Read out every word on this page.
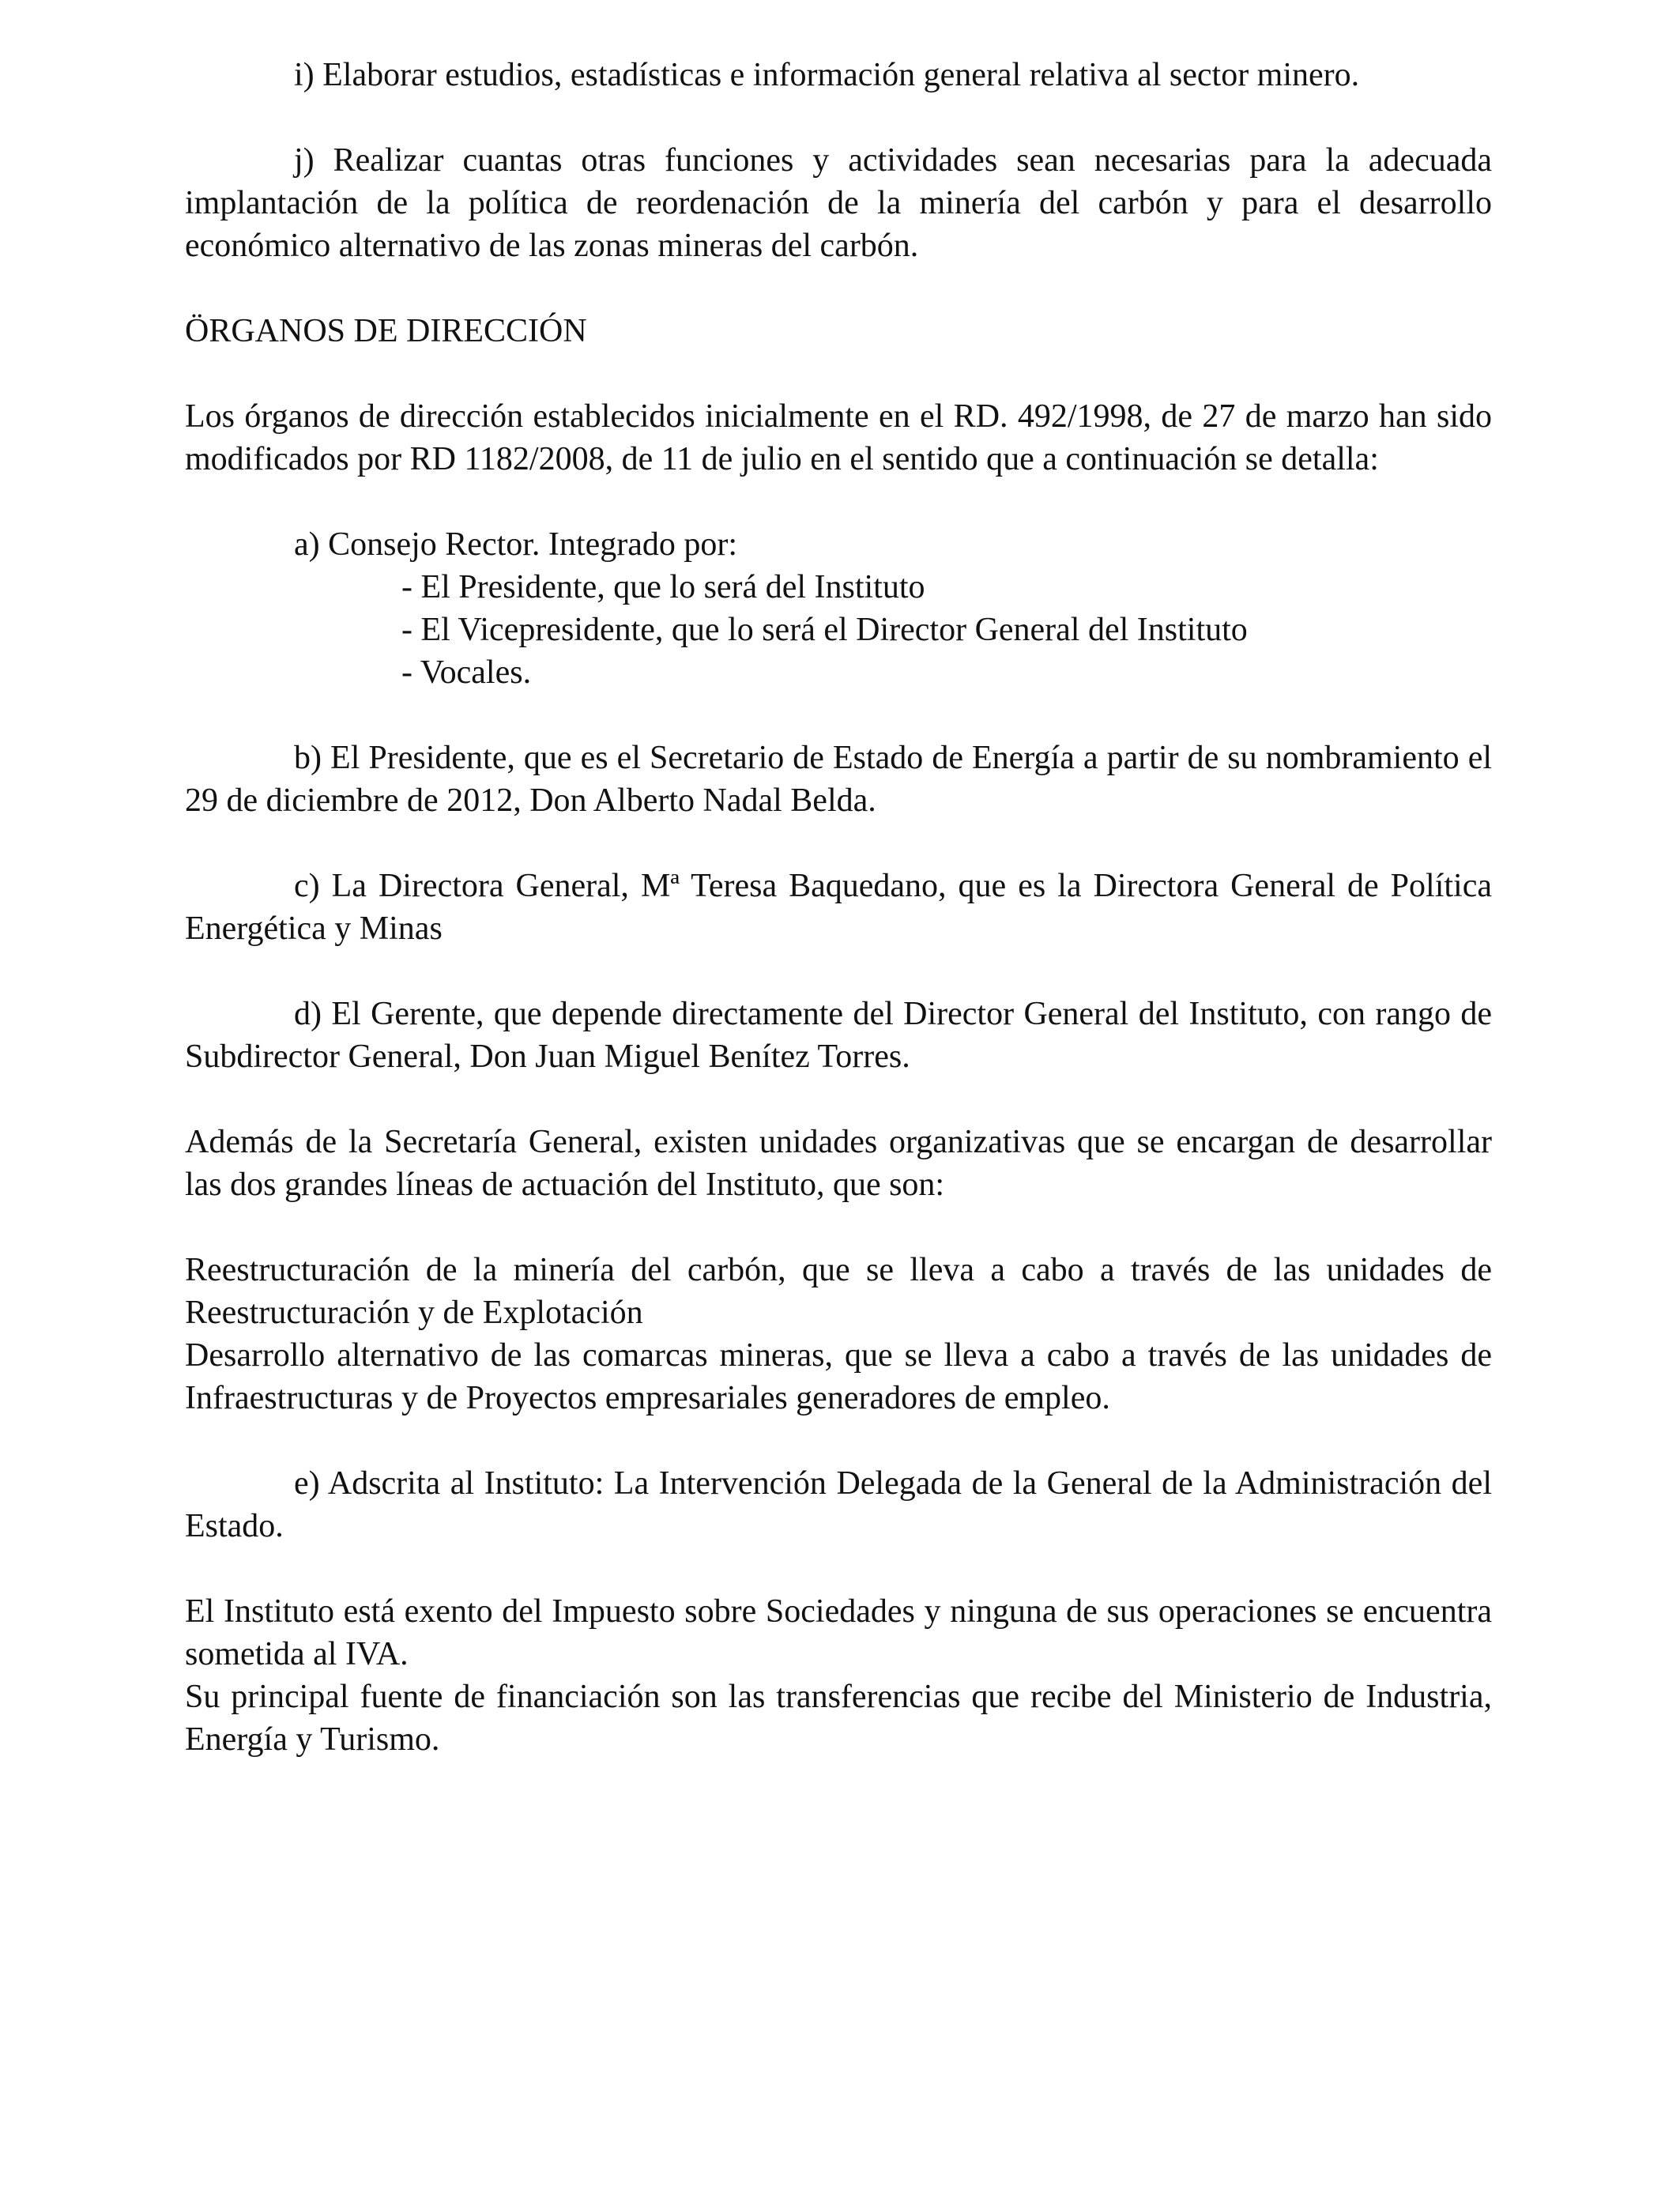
i) Elaborar estudios, estadísticas e información general relativa al sector minero.

j) Realizar cuantas otras funciones y actividades sean necesarias para la adecuada implantación de la política de reordenación de la minería del carbón y para el desarrollo económico alternativo de las zonas mineras del carbón.

ÖRGANOS DE DIRECCIÓN

Los órganos de dirección establecidos inicialmente en el RD. 492/1998, de 27 de marzo han sido modificados por RD 1182/2008, de 11 de julio en el sentido que a continuación se detalla:

a) Consejo Rector. Integrado por:

- El Presidente, que lo será del Instituto

- El Vicepresidente, que lo será el Director General del Instituto

- Vocales.

b) El Presidente, que es el Secretario de Estado de Energía a partir de su nombramiento el 29 de diciembre de 2012, Don Alberto Nadal Belda.

c) La Directora General, Mª Teresa Baquedano, que es la Directora General de Política Energética y Minas

d) El Gerente, que depende directamente del Director General del Instituto, con rango de Subdirector General, Don Juan Miguel Benítez Torres.

Además de la Secretaría General, existen unidades organizativas que se encargan de desarrollar las dos grandes líneas de actuación del Instituto, que son:

Reestructuración de la minería del carbón, que se lleva a cabo a través de las unidades de Reestructuración y de Explotación

Desarrollo alternativo de las comarcas mineras, que se lleva a cabo a través de las unidades de Infraestructuras y de Proyectos empresariales generadores de empleo.

e) Adscrita al Instituto: La Intervención Delegada de la General de la Administración del Estado.

El Instituto está exento del Impuesto sobre Sociedades y ninguna de sus operaciones se encuentra sometida al IVA.

Su principal fuente de financiación son las transferencias que recibe del Ministerio de Industria, Energía y Turismo.
